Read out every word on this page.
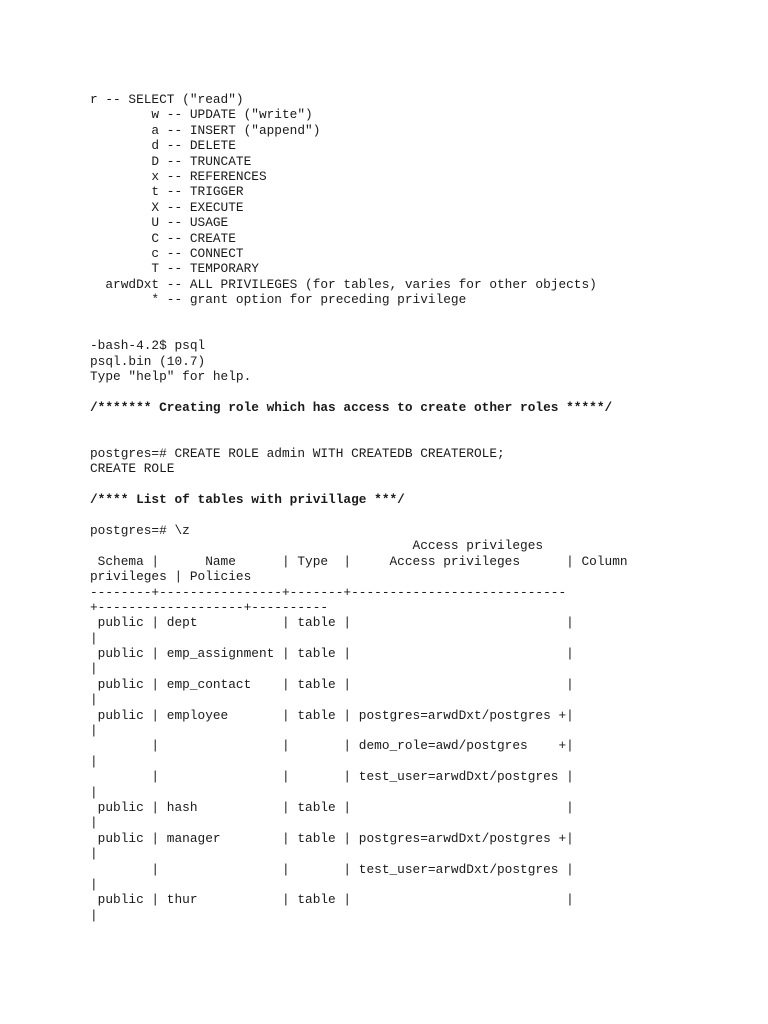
r -- SELECT ("read")
w -- UPDATE ("write")
a -- INSERT ("append")
d -- DELETE
D -- TRUNCATE
x -- REFERENCES
t -- TRIGGER
X -- EXECUTE
U -- USAGE
C -- CREATE
c -- CONNECT
T -- TEMPORARY
arwdDxt -- ALL PRIVILEGES (for tables, varies for other objects)
* -- grant option for preceding privilege
-bash-4.2$ psql
psql.bin (10.7)
Type "help" for help.
/******* Creating role which has access to create other roles *****/
postgres=# CREATE ROLE admin WITH CREATEDB CREATEROLE;
CREATE ROLE
/**** List of tables with privillage ***/
postgres=# \z
Access privileges
Schema |      Name      | Type  |     Access privileges      | Column
privileges | Policies
--------+----------------+-------+----------------------------
+-------------------+----------
public | dept           | table |                            |
|
public | emp_assignment | table |                            |
|
public | emp_contact    | table |                            |
|
public | employee       | table | postgres=arwdDxt/postgres +|
|
|                |       | demo_role=awd/postgres    +|
|
|                |       | test_user=arwdDxt/postgres |
|
public | hash           | table |                            |
|
public | manager        | table | postgres=arwdDxt/postgres +|
|
|                |       | test_user=arwdDxt/postgres |
|
public | thur           | table |                            |
|
